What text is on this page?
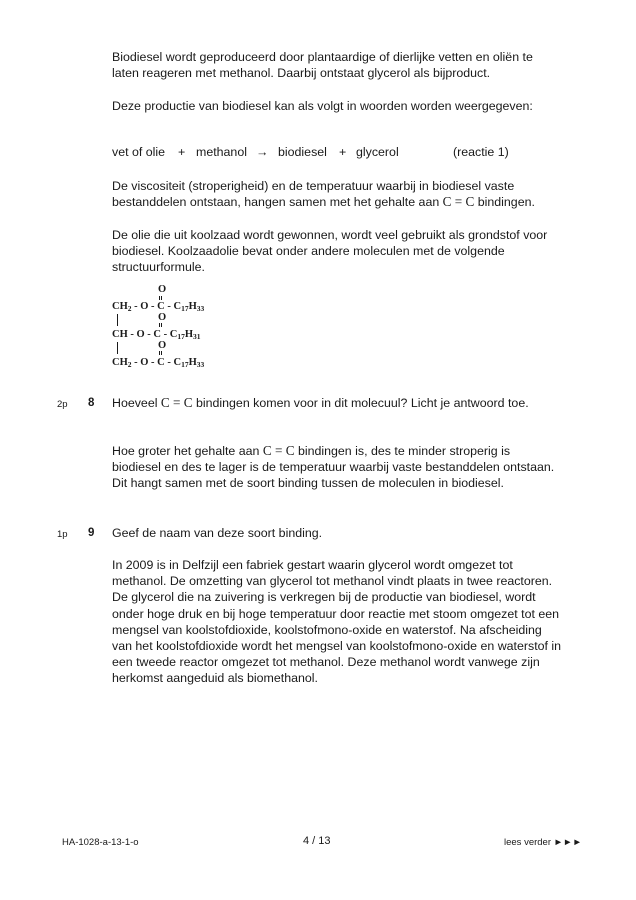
Biodiesel wordt geproduceerd door plantaardige of dierlijke vetten en oliën te laten reageren met methanol. Daarbij ontstaat glycerol als bijproduct.

Deze productie van biodiesel kan als volgt in woorden worden weergegeven:

vet of olie + methanol → biodiesel + glycerol	(reactie 1)

De viscositeit (stroperigheid) en de temperatuur waarbij in biodiesel vaste bestanddelen ontstaan, hangen samen met het gehalte aan C = C bindingen.

De olie die uit koolzaad wordt gewonnen, wordt veel gebruikt als grondstof voor biodiesel. Koolzaadolie bevat onder andere moleculen met de volgende structuurformule.

O
$CH_2$ - O - C - $C_{17}H_{33}$
O
CH - O - C - $C_{17}H_{31}$
O
$CH_2$ - O - C - $C_{17}H_{33}$
2p 8 Hoeveel C = C bindingen komen voor in dit molecuul? Licht je antwoord toe.

Hoe groter het gehalte aan C = C bindingen is, des te minder stroperig is biodiesel en des te lager is de temperatuur waarbij vaste bestanddelen ontstaan. Dit hangt samen met de soort binding tussen de moleculen in biodiesel.

1p 9 Geef de naam van deze soort binding.

In 2009 is in Delfzijl een fabriek gestart waarin glycerol wordt omgezet tot methanol. De omzetting van glycerol tot methanol vindt plaats in twee reactoren. De glycerol die na zuivering is verkregen bij de productie van biodiesel, wordt onder hoge druk en bij hoge temperatuur door reactie met stoom omgezet tot een mengsel van koolstofdioxide, koolstofmono-oxide en waterstof. Na afscheiding van het koolstofdioxide wordt het mengsel van koolstofmono-oxide en waterstof in een tweede reactor omgezet tot methanol. Deze methanol wordt vanwege zijn herkomst aangeduid als biomethanol.

HA-1028-a-13-1-o	4 / 13	lees verder ►►►
